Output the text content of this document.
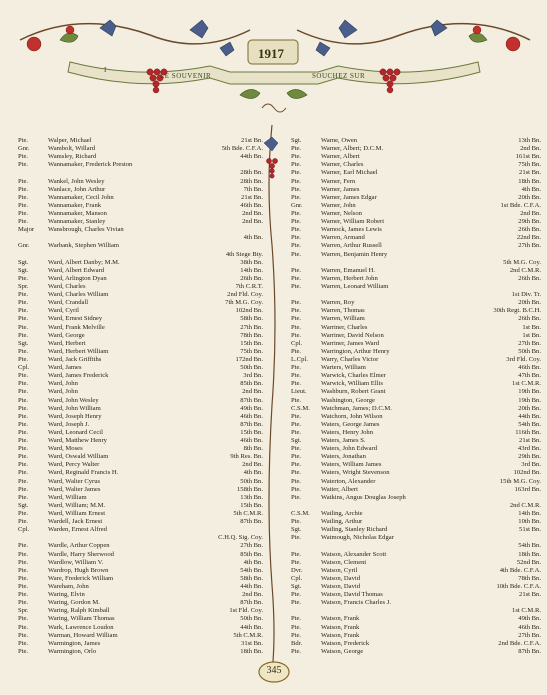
I
LE SOUVENIR	SOUCHEZ SUR
1917
Pte.	Walper, Michael	21st Bn.
Gnr.	Wambolt, Willard	5th Bde. C.F.A.
Pte.	Wamsley, Richard	44th Bn.
Pte.	Wannamaker, Frederick Preston
28th Bn.
Pte.	Wankel, John Wesley	28th Bn.
Pte.	Wanlace, John Arthur	7th Bn.
Pte.	Wannamaker, Cecil John	21st Bn.
Pte.	Wannamaker, Frank	46th Bn.
Pte.	Wannamaker, Manson	2nd Bn.
Pte.	Wannamaker, Stanley	2nd Bn.
Major	Wansbrough, Charles Vivian
4th Bn.
Gnr.	Warbank, Stephen William
4th Siege Bty.
Sgt.	Ward, Albert Danby; M.M.	38th Bn.
Sgt.	Ward, Albert Edward	14th Bn.
Pte.	Ward, Arlington Dyan	26th Bn.
Spr.	Ward, Charles	7th C.R.T.
Pte.	Ward, Charles William	2nd Fld. Coy.
Pte.	Ward, Crandall	7th M.G. Coy.
Pte.	Ward, Cyril	102nd Bn.
Pte.	Ward, Ernest Sidney	58th Bn.
Pte.	Ward, Frank Melville	27th Bn.
Pte.	Ward, George	78th Bn.
Sgt.	Ward, Herbert	15th Bn.
Pte.	Ward, Herbert William	75th Bn.
Pte.	Ward, Jack Griffiths	172nd Bn.
Cpl.	Ward, James	50th Bn.
Pte.	Ward, James Frederick	3rd Bn.
Pte.	Ward, John	85th Bn.
Pte.	Ward, John	2nd Bn.
Pte.	Ward, John Wesley	87th Bn.
Pte.	Ward, John William	49th Bn.
Pte.	Ward, Joseph Henry	46th Bn.
Pte.	Ward, Joseph J.	87th Bn.
Pte.	Ward, Leonard Cecil	15th Bn.
Pte.	Ward, Matthew Henry	46th Bn.
Pte.	Ward, Moses	8th Bn.
Pte.	Ward, Oswald William	9th Res. Bn.
Pte.	Ward, Percy Walter	2nd Bn.
Pte.	Ward, Reginald Francis H.	4th Bn.
Pte.	Ward, Walter Cyrus	50th Bn.
Pte.	Ward, Walter James	158th Bn.
Pte.	Ward, William	13th Bn.
Sgt.	Ward, William; M.M.	15th Bn.
Pte.	Ward, William Ernest	5th C.M.R.
Pte.	Wardell, Jack Ernest	87th Bn.
Cpl.	Warden, Ernest Alfred
C.H.Q. Sig. Coy.
Pte.	Wardle, Arthur Coppen	27th Bn.
Pte.	Wardle, Harry Sherwood	85th Bn.
Pte.	Wardlow, William V.	4th Bn.
Pte.	Wardrop, Hugh Brown	54th Bn.
Pte.	Ware, Frederick William	58th Bn.
Pte.	Wareham, John	44th Bn.
Pte.	Waring, Elvin	2nd Bn.
Pte.	Waring, Gordon M.	87th Bn.
Spr.	Waring, Ralph Kimball	1st Fld. Coy.
Pte.	Waring, William Thomas	50th Bn.
Pte.	Wark, Lawrence Loudon	44th Bn.
Pte.	Warman, Howard William	5th C.M.R.
Pte.	Warmington, James	31st Bn.
Pte.	Warmington, Orlo	18th Bn.
Sgt.	Warne, Owen	13th Bn.
Pte.	Warner, Albert; D.C.M.	2nd Bn.
Pte.	Warner, Albert	161st Bn.
Pte.	Warner, Charles	75th Bn.
Pte.	Warner, Earl Michael	21st Bn.
Pte.	Warner, Fern	18th Bn.
Pte.	Warner, James	4th Bn.
Pte.	Warner, James Edgar	20th Bn.
Gnr.	Warner, John	1st Bde. C.F.A.
Pte.	Warner, Nelson	2nd Bn.
Pte.	Warner, William Robert	29th Bn.
Pte.	Warnock, James Lewis	26th Bn.
Pte.	Warren, Armand	22nd Bn.
Pte.	Warren, Arthur Russell	27th Bn.
Pte.	Warren, Benjamin Henry
5th M.G. Coy.
Pte.	Warren, Emanuel H.	2nd C.M.R.
Pte.	Warren, Herbert John	26th Bn.
Pte.	Warren, Leonard William
1st Div. Tr.
Pte.	Warren, Roy	20th Bn.
Pte.	Warren, Thomas	30th Regt. B.C.H.
Pte.	Warren, William	26th Bn.
Pte.	Warriner, Charles	1st Bn.
Pte.	Warriner, David Nelson	1st Bn.
Cpl.	Warriner, James Ward	27th Bn.
Pte.	Warrington, Arthur Henry	50th Bn.
L.Cpl.	Warry, Charles Victor	3rd Fld. Coy.
Pte.	Warters, William	46th Bn.
Pte.	Warwick, Charles Elmer	47th Bn.
Pte.	Warwick, William Ellis	1st C.M.R.
Lieut.	Washburn, Robert Grant	19th Bn.
Pte.	Washington, George	19th Bn.
C.S.M.	Watchman, James; D.C.M.	20th Bn.
Pte.	Watchorn, John Wilson	44th Bn.
Pte.	Waters, George James	54th Bn.
Pte.	Waters, Henry John	116th Bn.
Sgt.	Waters, James S.	21st Bn.
Pte.	Waters, John Edward	43rd Bn.
Pte.	Waters, Jonathan	29th Bn.
Pte.	Waters, William James	3rd Bn.
Pte.	Waters, Wright Stevenson	102nd Bn.
Pte.	Waterton, Alexander	15th M.G. Coy.
Pte.	Watier, Albert	163rd Bn.
Pte.	Watkins, Angus Douglas Joseph
2nd C.M.R.
C.S.M.	Watling, Archie	14th Bn.
Pte.	Watling, Arthur	10th Bn.
Sgt.	Watling, Stanley Richard	51st Bn.
Pte.	Watmough, Nicholas Edgar
54th Bn.
Pte.	Watson, Alexander Scott	18th Bn.
Pte.	Watson, Clement	52nd Bn.
Dvr.	Watson, Cyril	4th Bde. C.F.A.
Cpl.	Watson, David	78th Bn.
Sgt.	Watson, David	10th Bde. C.F.A.
Pte.	Watson, David Thomas	21st Bn.
Pte.	Watson, Francis Charles J.
1st C.M.R.
Pte.	Watson, Frank	49th Bn.
Pte.	Watson, Frank	46th Bn.
Pte.	Watson, Frank	27th Bn.
Bdr.	Watson, Frederick	2nd Bde. C.F.A.
Pte.	Watson, George	87th Bn.
345
